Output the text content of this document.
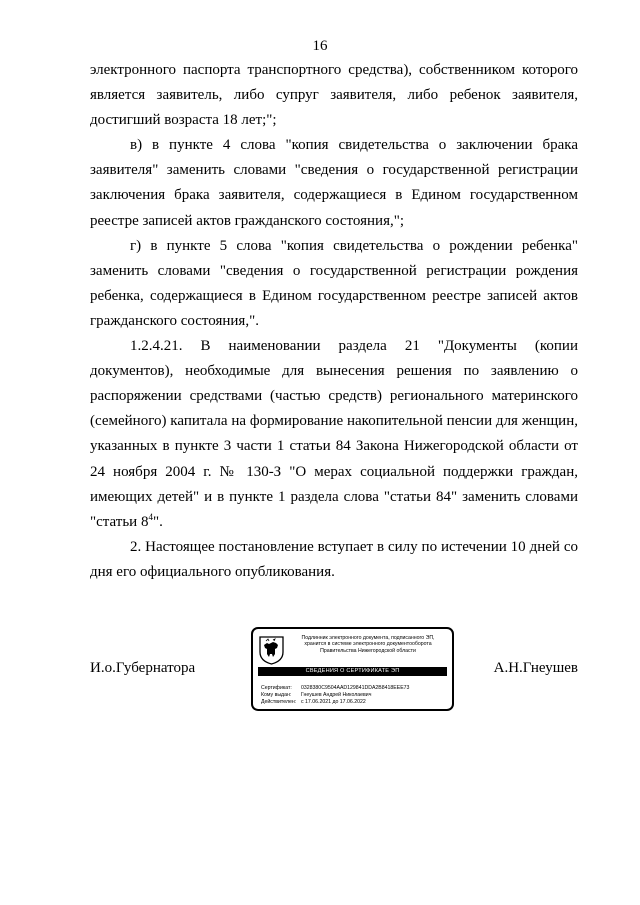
16

электронного паспорта транспортного средства), собственником которого является заявитель, либо супруг заявителя, либо ребенок заявителя, достигший возраста 18 лет;";

в) в пункте 4 слова "копия свидетельства о заключении брака заявителя" заменить словами "сведения о государственной регистрации заключения брака заявителя, содержащиеся в Едином государственном реестре записей актов гражданского состояния,";

г) в пункте 5 слова "копия свидетельства о рождении ребенка" заменить словами "сведения о государственной регистрации рождения ребенка, содержащиеся в Едином государственном реестре записей актов гражданского состояния,".

1.2.4.21. В наименовании раздела 21 "Документы (копии документов), необходимые для вынесения решения по заявлению о распоряжении средствами (частью средств) регионального материнского (семейного) капитала на формирование накопительной пенсии для женщин, указанных в пункте 3 части 1 статьи 84 Закона Нижегородской области от 24 ноября 2004 г. № 130-З "О мерах социальной поддержки граждан, имеющих детей" и в пункте 1 раздела слова "статьи 84" заменить словами "статьи $8^4$".

2. Настоящее постановление вступает в силу по истечении 10 дней со дня его официального опубликования.

И.о.Губернатора	А.Н.Гнеушев
Подлинник электронного документа, подписанного ЭП,
хранится в системе электронного документооборота
Правительства Нижегородской области
СВЕДЕНИЯ О СЕРТИФИКАТЕ ЭП
Сертификат: 0328380C9504AAD129841DDA2B8418EEE73
Кому выдан: Гнеушев Андрей Николаевич
Действителен: с 17.06.2021 до 17.06.2022
